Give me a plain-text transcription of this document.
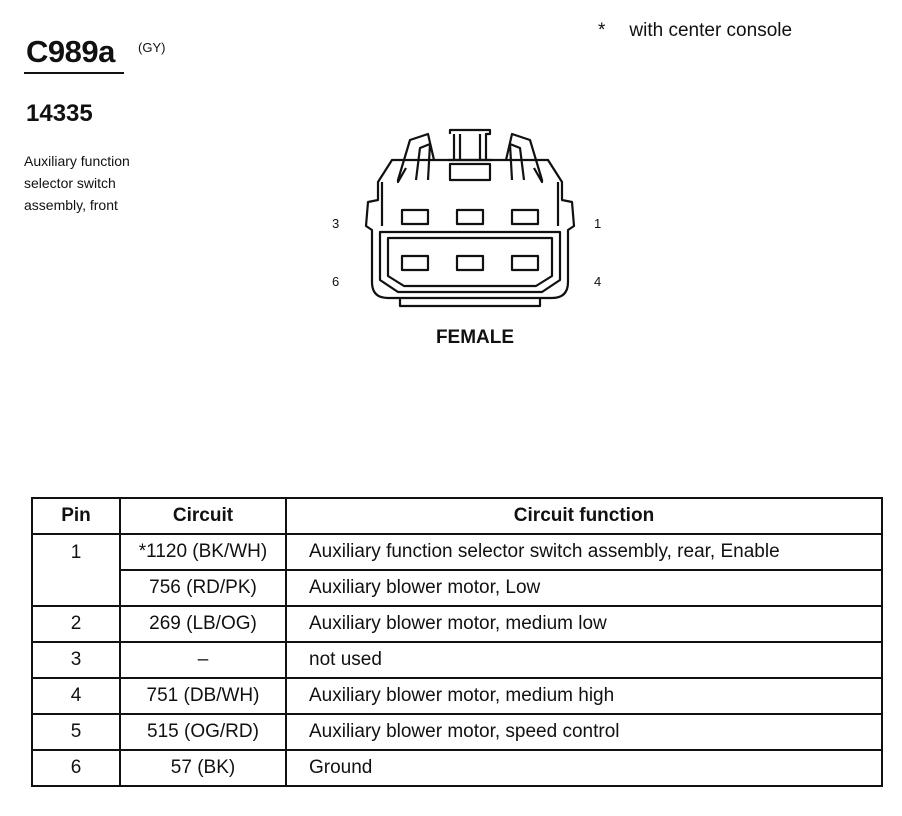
C989a (GY)
14335
Auxiliary function selector switch assembly, front
* with center console
3	1
6	4
FEMALE
Pin	Circuit	Circuit function
1	*1120 (BK/WH)	Auxiliary function selector switch assembly, rear, Enable
	756 (RD/PK)	Auxiliary blower motor, Low
2	269 (LB/OG)	Auxiliary blower motor, medium low
3	–	not used
4	751 (DB/WH)	Auxiliary blower motor, medium high
5	515 (OG/RD)	Auxiliary blower motor, speed control
6	57 (BK)	Ground
